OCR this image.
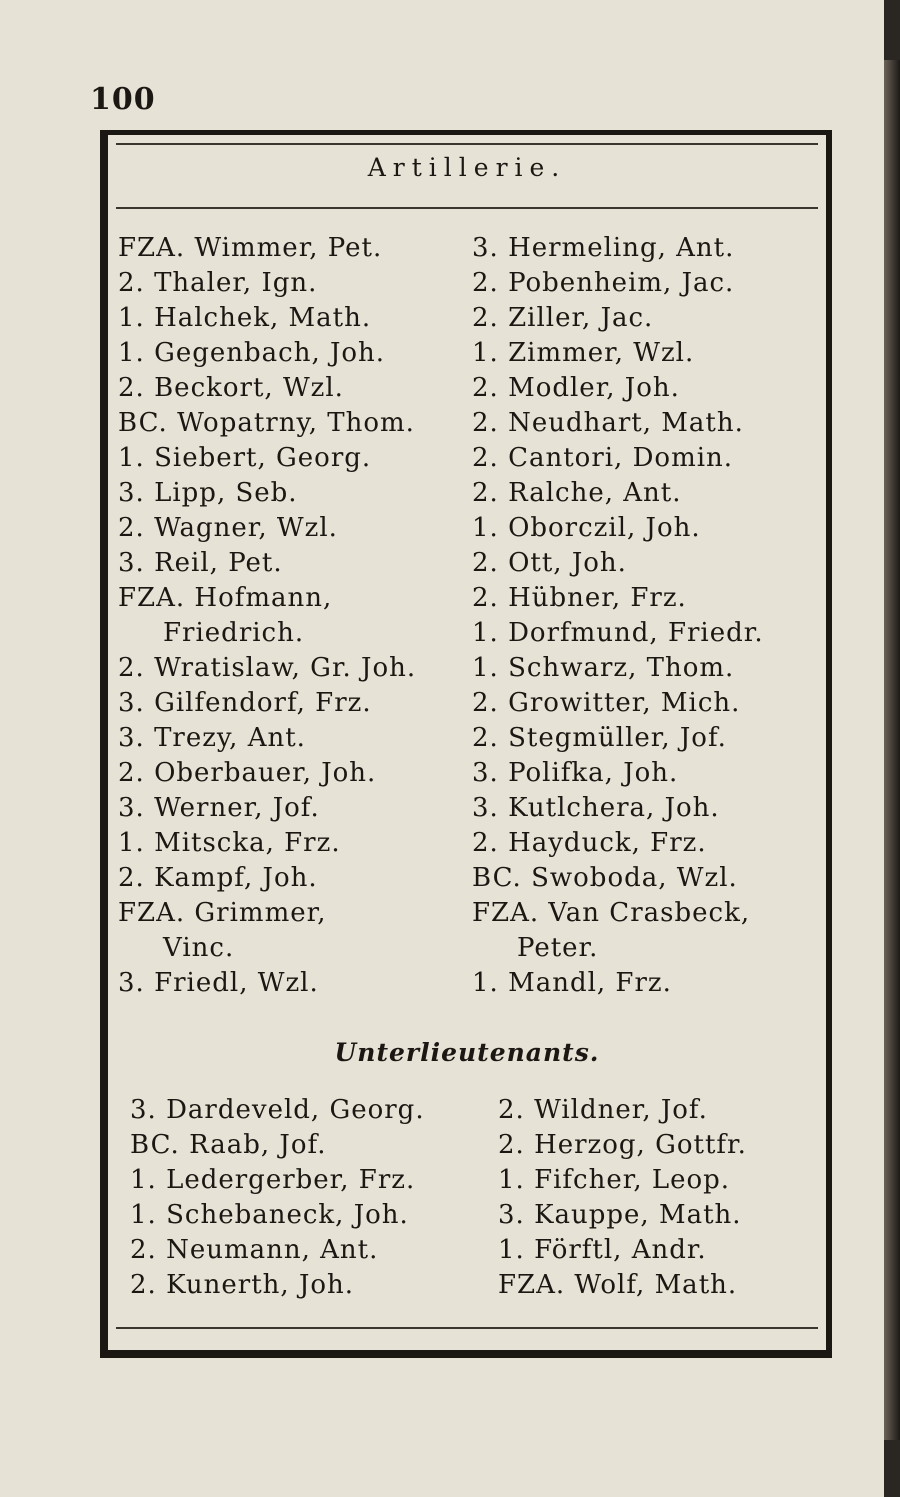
100
Artillerie.
FZA. Wimmer, Pet.
2. Thaler, Ign.
1. Halchek, Math.
1. Gegenbach, Joh.
2. Beckort, Wzl.
BC. Wopatrny, Thom.
1. Siebert, Georg.
3. Lipp, Seb.
2. Wagner, Wzl.
3. Reil, Pet.
FZA. Hofmann,
Friedrich.
2. Wratislaw, Gr. Joh.
3. Gilfendorf, Frz.
3. Trezy, Ant.
2. Oberbauer, Joh.
3. Werner, Jof.
1. Mitscka, Frz.
2. Kampf, Joh.
FZA. Grimmer,
Vinc.
3. Friedl, Wzl.
3. Hermeling, Ant.
2. Pobenheim, Jac.
2. Ziller, Jac.
1. Zimmer, Wzl.
2. Modler, Joh.
2. Neudhart, Math.
2. Cantori, Domin.
2. Ralche, Ant.
1. Oborczil, Joh.
2. Ott, Joh.
2. Hübner, Frz.
1. Dorfmund, Friedr.
1. Schwarz, Thom.
2. Growitter, Mich.
2. Stegmüller, Jof.
3. Polifka, Joh.
3. Kutlchera, Joh.
2. Hayduck, Frz.
BC. Swoboda, Wzl.
FZA. Van Crasbeck,
Peter.
1. Mandl, Frz.
Unterlieutenants.
3. Dardeveld, Georg.
BC. Raab, Jof.
1. Ledergerber, Frz.
1. Schebaneck, Joh.
2. Neumann, Ant.
2. Kunerth, Joh.
2. Wildner, Jof.
2. Herzog, Gottfr.
1. Fifcher, Leop.
3. Kauppe, Math.
1. Förftl, Andr.
FZA. Wolf, Math.
